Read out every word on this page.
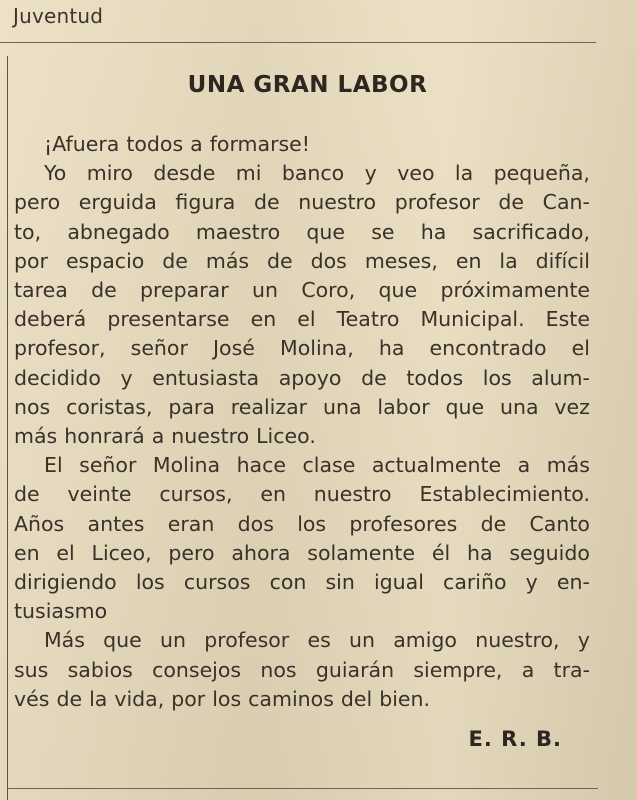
Juventud
UNA GRAN LABOR
¡Afuera todos a formarse!
Yo miro desde mi banco y veo la pequeña,
pero erguida figura de nuestro profesor de Can-
to, abnegado maestro que se ha sacrificado,
por espacio de más de dos meses, en la difícil
tarea de preparar un Coro, que próximamente
deberá presentarse en el Teatro Municipal. Este
profesor, señor José Molina, ha encontrado el
decidido y entusiasta apoyo de todos los alum-
nos coristas, para realizar una labor que una vez
más honrará a nuestro Liceo.
El señor Molina hace clase actualmente a más
de veinte cursos, en nuestro Establecimiento.
Años antes eran dos los profesores de Canto
en el Liceo, pero ahora solamente él ha seguido
dirigiendo los cursos con sin igual cariño y en-
tusiasmo
Más que un profesor es un amigo nuestro, y
sus sabios consejos nos guiarán siempre, a tra-
vés de la vida, por los caminos del bien.
E. R. B.
